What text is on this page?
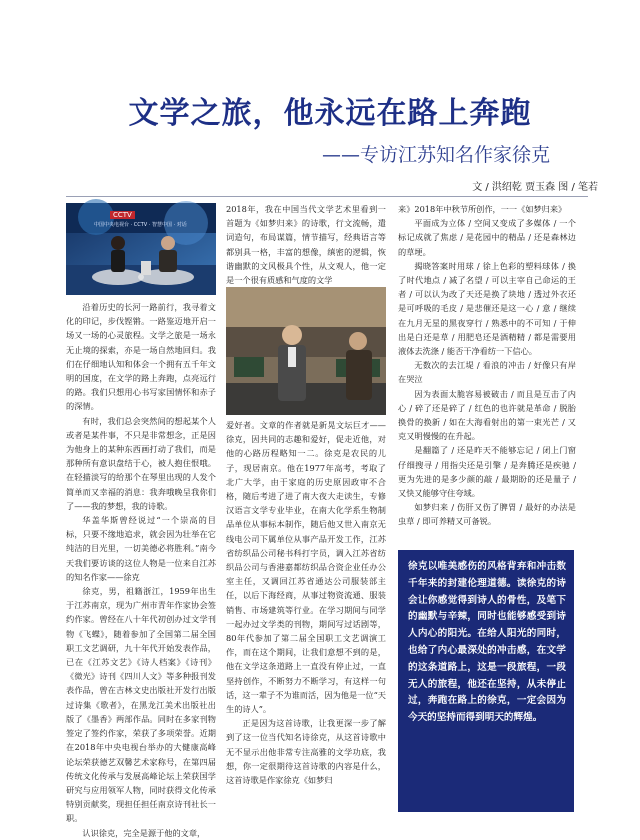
文学之旅，他永远在路上奔跑
——专访江苏知名作家徐克
文 / 洪绍乾 贾玉森 图 / 笔若
CCTV
中国中央电视台 · CCTV · 智慧中国 · 对话

沿着历史的长河一路前行，我寻着文化的印记，步伐铿锵。一路鉴迈地开启一场又一场的心灵旅程。文学之旅是一场永无止境的探索，亦是一场自然地回归。我们在仔细地认知和体会一个拥有五千年文明的国度，在文学的路上奔跑，点亮远行的路。我们只想用心书写家国情怀和赤子的深情。

有时，我们总会突然间的想起某个人或者是某件事，不只是非常想念，正是因为他身上的某种东西画打动了我们，而是那种所有意识盘结于心，被人抱住恨哦。在轻描淡写的给那个在琴里出现的人发个简单而又幸福的消息：我奔哦晚呈我你们了——我的梦想，我的诗歌。

华盖华斯曾经说过“一个崇高的目标，只要不缘地追求，就会因为壮举在它纯洁的目光里，一切美德必将胜利。”南今天我们要访谈的这位人物是一位来自江苏的知名作家——徐克

徐克，男，祖籍浙江，1959年出生于江苏南京，现为广州市青年作家协会签约作家。曾经在八十年代初创办过文学刊物《飞蝶》，随着参加了全国第二届全国职工文艺调研，九十年代开始发表作品，已在《江苏文艺》《诗人档案》《诗刊》《微光》诗刊《四川人文》等多种报刊发表作品，曾在吉林文史出版社开发行出版过诗集《歌者》，在黑龙江美术出版社出版了《墨香》两部作品。同时在多家刊物签定了签约作家，荣获了多项荣誉。近期在2018年中央电视台举办的大健康高峰论坛荣获德艺双馨艺术家称号，在第四届传统文化传承与发展高峰论坛上荣获国学研究与应用领军人物，同时获得文化传承特别贡献奖，现担任担任南京诗刊社长一职。

认识徐克，完全是源于他的文章，

2018年，我在中国当代文学艺术里看到一首题为《如梦归来》的诗歌，行文流畅，遣词造句，布局谋篇，情节描写，经典语言等都别具一格，丰富的想像，缜密的逻辑，恢谐幽默的文风极具个性，从文观人，他一定是一个很有质感和气度的文学

爱好者。文章的作者就是新晃文坛巨才——徐克，因共同的志趣和爱好，促走近他，对他的心路历程略知一二。徐克是农民的儿子，现居南京。他在1977年高考，考取了北广大学，由于家庭的历史原因政审不合格，随后考进了进了南大夜大走读生，专修汉语言文学专业毕业，在南大化学系生物制品单位从事标本制作，随后他又世入南京无线电公司下属单位从事产品开发工作，江苏省纺织品公司秘书科打字员，调入江苏省纺织品公司与香港嘉都纺织品合资企业任办公室主任，又调回江苏省通达公司服装部主任，以后下海经商，从事过物资流通、服装销售、市场建筑等行业。在学习期间与同学一起办过文学类的刊物，期间写过话剧等，80年代参加了第二届全国职工文艺调演工作，而在这个期间，让我们意想不到的是，他在文学这条道路上一直没有停止过，一直坚持创作，不断努力不断学习，有这样一句话，这一辈子不为谁而活，因为他是一位“天生的诗人”。

正是因为这首诗歌，让我更深一步了解到了这一位当代知名诗徐克，从这首诗歌中无不显示出他非常专注高雅的文学功底，我想，你一定很期待这首诗歌的内容是什么，这首诗歌是作家徐克《如梦归

来》2018年中秋节所创作，一一《如梦归来》

平面成为立体 / 空间又变成了多媒体 / 一个标记成就了焦虑 / 是花园中的精品 / 还是森林边的草埂。

揭晓答案时用球 / 徐上色彩的塑料球体 / 换了时代地点 / 减了名望 / 可以主宰自己命运的王者 / 可以认为改了天还是换了块地 / 透过外衣还是可呼吸的毛皮 / 是悲催还是这一心 / 意 / 继续在九月无星的黑夜穿行 / 熟悉中的不可知 / 于伸出是白还是草 / 用肥皂还是酒精精 / 都是需要用液体去洗涤 / 能否干净看纺一下信心。

无数次的去江堤 / 看浪的冲击 / 好像只有岸在哭泣

因为表面太脆容易被破击 / 而且是互击了内心 / 碎了还是碎了 / 红色的也许就是革命 / 脱胎换骨的换新 / 如在大海看射出的第一束光芒 / 又克又明慢慢的在升起。

是翻篇了 / 还是昨天不能够忘记 / 闭上门窗仔细搜寻 / 用指尖还是引擎 / 是奔腾还是疾驰 / 更为先进的是多少颜的敲 / 最期盼的还是量子 / 又快又能够守住夸域。

如梦归来 / 伤肝又伤了脾胃 / 最好的办法是虫草 / 即可养精又可备锐。

徐克以唯美感伤的风格背弃和冲击数千年来的封建伦理道德。读徐克的诗会让你感觉得到诗人的骨性，及笔下的幽默与辛辣，同时也能够感受到诗人内心的阳光。在给人阳光的同时，也给了内心最深处的冲击感，在文学的这条道路上，这是一段旅程，一段无人的旅程，他还在坚持，从未停止过，奔跑在路上的徐克，一定会因为今天的坚持而得到明天的辉煌。
